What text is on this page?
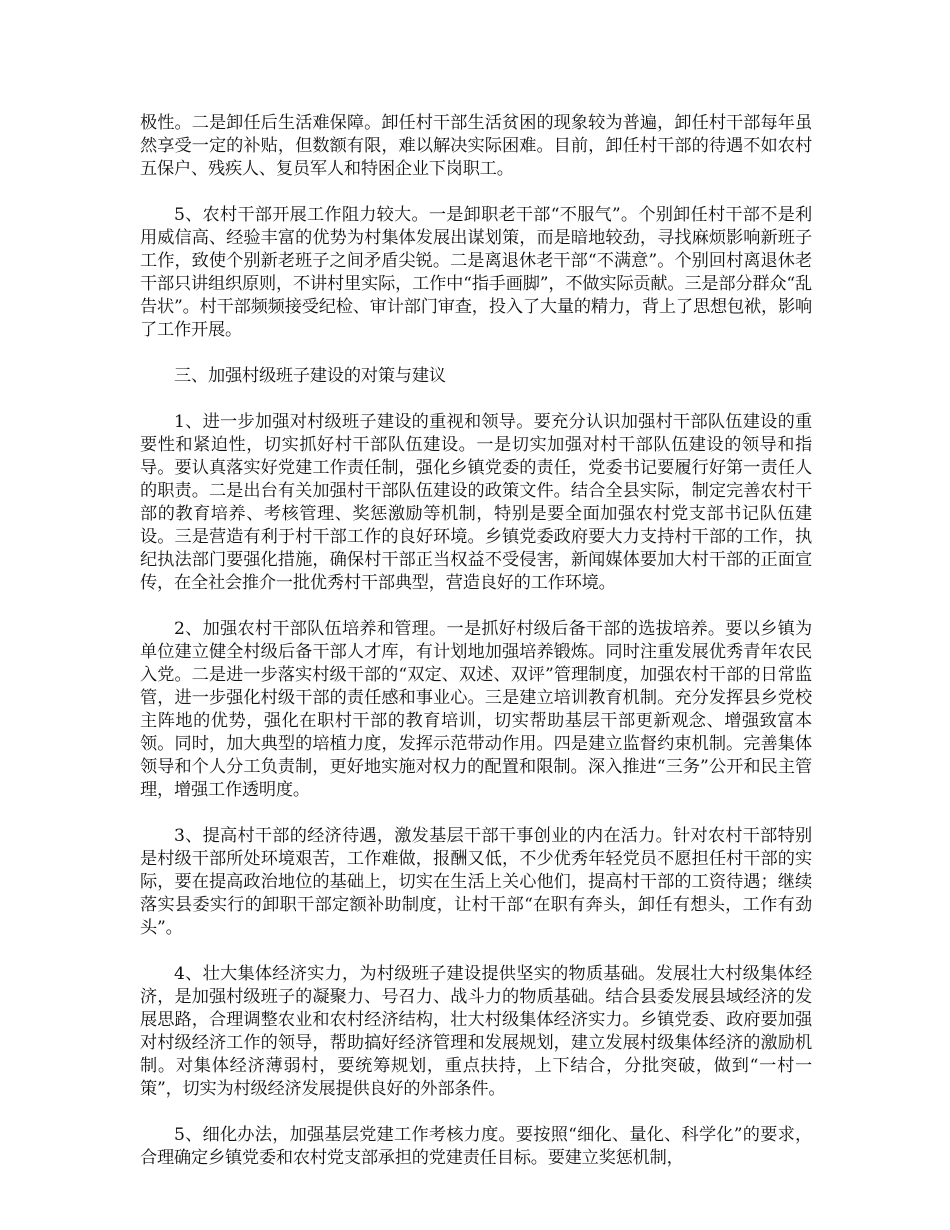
极性。二是卸任后生活难保障。卸任村干部生活贫困的现象较为普遍，卸任村干部每年虽然享受一定的补贴，但数额有限，难以解决实际困难。目前，卸任村干部的待遇不如农村五保户、残疾人、复员军人和特困企业下岗职工。

5、农村干部开展工作阻力较大。一是卸职老干部“不服气”。个别卸任村干部不是利用威信高、经验丰富的优势为村集体发展出谋划策，而是暗地较劲，寻找麻烦影响新班子工作，致使个别新老班子之间矛盾尖锐。二是离退休老干部“不满意”。个别回村离退休老干部只讲组织原则，不讲村里实际，工作中“指手画脚”，不做实际贡献。三是部分群众“乱告状”。村干部频频接受纪检、审计部门审查，投入了大量的精力，背上了思想包袱，影响了工作开展。

三、加强村级班子建设的对策与建议

1、进一步加强对村级班子建设的重视和领导。要充分认识加强村干部队伍建设的重要性和紧迫性，切实抓好村干部队伍建设。一是切实加强对村干部队伍建设的领导和指导。要认真落实好党建工作责任制，强化乡镇党委的责任，党委书记要履行好第一责任人的职责。二是出台有关加强村干部队伍建设的政策文件。结合全县实际，制定完善农村干部的教育培养、考核管理、奖惩激励等机制，特别是要全面加强农村党支部书记队伍建设。三是营造有利于村干部工作的良好环境。乡镇党委政府要大力支持村干部的工作，执纪执法部门要强化措施，确保村干部正当权益不受侵害，新闻媒体要加大村干部的正面宣传，在全社会推介一批优秀村干部典型，营造良好的工作环境。

2、加强农村干部队伍培养和管理。一是抓好村级后备干部的选拔培养。要以乡镇为单位建立健全村级后备干部人才库，有计划地加强培养锻炼。同时注重发展优秀青年农民入党。二是进一步落实村级干部的“双定、双述、双评”管理制度，加强农村干部的日常监管，进一步强化村级干部的责任感和事业心。三是建立培训教育机制。充分发挥县乡党校主阵地的优势，强化在职村干部的教育培训，切实帮助基层干部更新观念、增强致富本领。同时，加大典型的培植力度，发挥示范带动作用。四是建立监督约束机制。完善集体领导和个人分工负责制，更好地实施对权力的配置和限制。深入推进“三务”公开和民主管理，增强工作透明度。

3、提高村干部的经济待遇，激发基层干部干事创业的内在活力。针对农村干部特别是村级干部所处环境艰苦，工作难做，报酬又低，不少优秀年轻党员不愿担任村干部的实际，要在提高政治地位的基础上，切实在生活上关心他们，提高村干部的工资待遇；继续落实县委实行的卸职干部定额补助制度，让村干部“在职有奔头，卸任有想头，工作有劲头”。

4、壮大集体经济实力，为村级班子建设提供坚实的物质基础。发展壮大村级集体经济，是加强村级班子的凝聚力、号召力、战斗力的物质基础。结合县委发展县域经济的发展思路，合理调整农业和农村经济结构，壮大村级集体经济实力。乡镇党委、政府要加强对村级经济工作的领导，帮助搞好经济管理和发展规划，建立发展村级集体经济的激励机制。对集体经济薄弱村，要统筹规划，重点扶持，上下结合，分批突破，做到“一村一策”，切实为村级经济发展提供良好的外部条件。

5、细化办法，加强基层党建工作考核力度。要按照“细化、量化、科学化”的要求，合理确定乡镇党委和农村党支部承担的党建责任目标。要建立奖惩机制，
